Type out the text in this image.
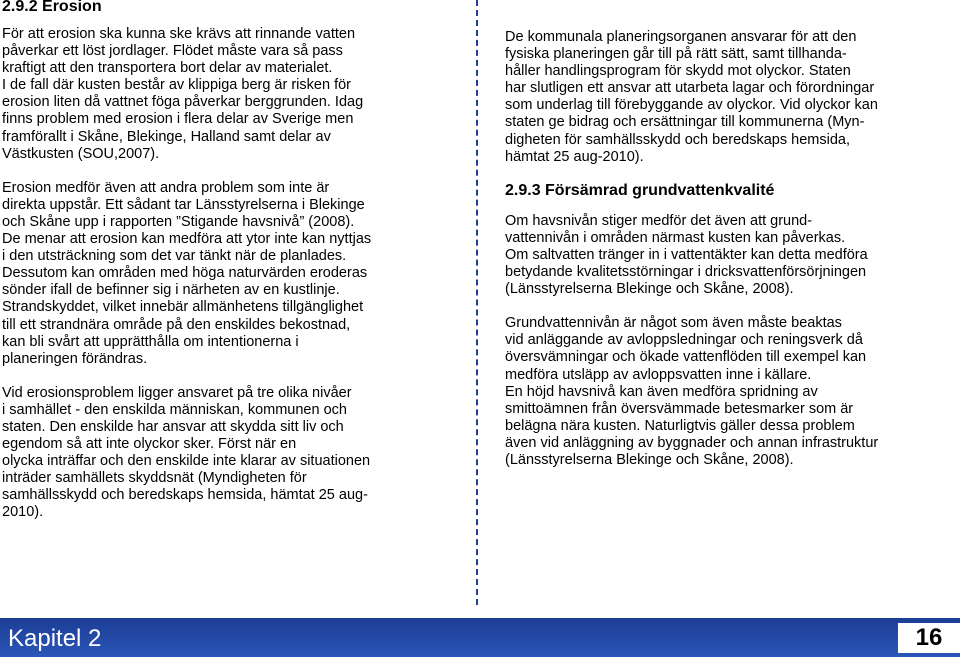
2.9.2 Erosion
För att erosion ska kunna ske krävs att rinnande vatten
påverkar ett löst jordlager. Flödet måste vara så pass
kraftigt att den transportera bort delar av materialet.
I de fall där kusten består av klippiga berg är risken för
erosion liten då vattnet föga påverkar berggrunden. Idag
finns problem med erosion i flera delar av Sverige men
framförallt i Skåne, Blekinge, Halland samt delar av
Västkusten (SOU,2007).
Erosion medför även att andra problem som inte är
direkta uppstår. Ett sådant tar Länsstyrelserna i Blekinge
och Skåne upp i rapporten ”Stigande havsnivå” (2008).
De menar att erosion kan medföra att ytor inte kan nyttjas
i den utsträckning som det var tänkt när de planlades.
Dessutom kan områden med höga naturvärden eroderas
sönder ifall de befinner sig i närheten av en kustlinje.
Strandskyddet, vilket innebär allmänhetens tillgänglighet
till ett strandnära område på den enskildes bekostnad,
kan bli svårt att upprätthålla om intentionerna i
planeringen förändras.
Vid erosionsproblem ligger ansvaret på tre olika nivåer
i samhället - den enskilda människan, kommunen och
staten. Den enskilde har ansvar att skydda sitt liv och
egendom så att inte olyckor sker. Först när en
olycka inträffar och den enskilde inte klarar av situationen
inträder samhällets skyddsnät (Myndigheten för
samhällsskydd och beredskaps hemsida, hämtat 25 aug-
2010).
De kommunala planeringsorganen ansvarar för att den
fysiska planeringen går till på rätt sätt, samt tillhanda-
håller handlingsprogram för skydd mot olyckor. Staten
har slutligen ett ansvar att utarbeta lagar och förordningar
som underlag till förebyggande av olyckor. Vid olyckor kan
staten ge bidrag och ersättningar till kommunerna (Myn-
digheten för samhällsskydd och beredskaps hemsida,
hämtat 25 aug-2010).
2.9.3 Försämrad grundvattenkvalité
Om havsnivån stiger medför det även att grund-
vattennivån i områden närmast kusten kan påverkas.
Om saltvatten tränger in i vattentäkter kan detta medföra
betydande kvalitetsstörningar i dricksvattenförsörjningen
(Länsstyrelserna Blekinge och Skåne, 2008).
Grundvattennivån är något som även måste beaktas
vid anläggande av avloppsledningar och reningsverk då
översvämningar och ökade vattenflöden till exempel kan
medföra utsläpp av avloppsvatten inne i källare.
En höjd havsnivå kan även medföra spridning av
smittoämnen från översvämmade betesmarker som är
belägna nära kusten. Naturligtvis gäller dessa problem
även vid anläggning av byggnader och annan infrastruktur
(Länsstyrelserna Blekinge och Skåne, 2008).
Kapitel 2	16
